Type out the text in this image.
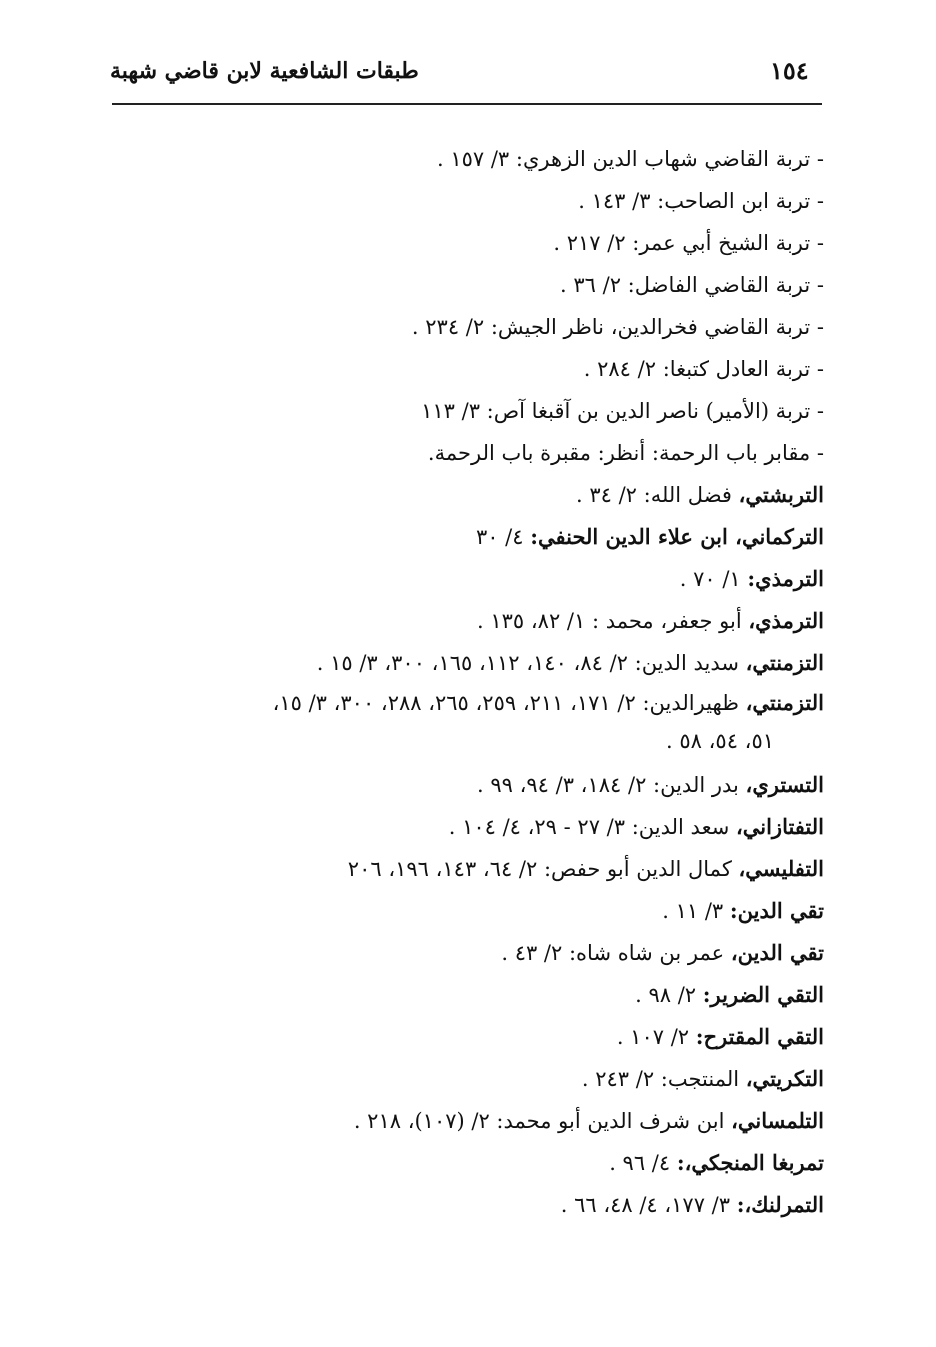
١٥٤
طبقات الشافعية لابن قاضي شهبة
- تربة القاضي شهاب الدين الزهري: ٣/ ١٥٧ .
- تربة ابن الصاحب: ٣/ ١٤٣ .
- تربة الشيخ أبي عمر: ٢/ ٢١٧ .
- تربة القاضي الفاضل: ٢/ ٣٦ .
- تربة القاضي فخرالدين، ناظر الجيش: ٢/ ٢٣٤ .
- تربة العادل كتبغا: ٢/ ٢٨٤ .
- تربة (الأمير) ناصر الدين بن آقبغا آص: ٣/ ١١٣
- مقابر باب الرحمة: أنظر: مقبرة باب الرحمة.
التربشتي، فضل الله: ٢/ ٣٤ .
التركماني، ابن علاء الدين الحنفي: ٤/ ٣٠
الترمذي: ١/ ٧٠ .
الترمذي، أبو جعفر، محمد : ١/ ٨٢، ١٣٥ .
التزمنتي، سديد الدين: ٢/ ٨٤، ١٤٠، ١١٢، ١٦٥، ٣٠٠، ٣/ ١٥ .
التزمنتي، ظهيرالدين: ٢/ ١٧١، ٢١١، ٢٥٩، ٢٦٥، ٢٨٨، ٣٠٠، ٣/ ١٥،
٥١، ٥٤، ٥٨ .
التستري، بدر الدين: ٢/ ١٨٤، ٣/ ٩٤، ٩٩ .
التفتازاني، سعد الدين: ٣/ ٢٧ - ٢٩، ٤/ ١٠٤ .
التفليسي، كمال الدين أبو حفص: ٢/ ٦٤، ١٤٣، ١٩٦، ٢٠٦
تقي الدين: ٣/ ١١ .
تقي الدين، عمر بن شاه شاه: ٢/ ٤٣ .
التقي الضرير: ٢/ ٩٨ .
التقي المقترح: ٢/ ١٠٧ .
التكريتي، المنتجب: ٢/ ٢٤٣ .
التلمساني، ابن شرف الدين أبو محمد: ٢/ (١٠٧)، ٢١٨ .
تمربغا المنجكي،: ٤/ ٩٦ .
التمرلنك،: ٣/ ١٧٧، ٤/ ٤٨، ٦٦ .
